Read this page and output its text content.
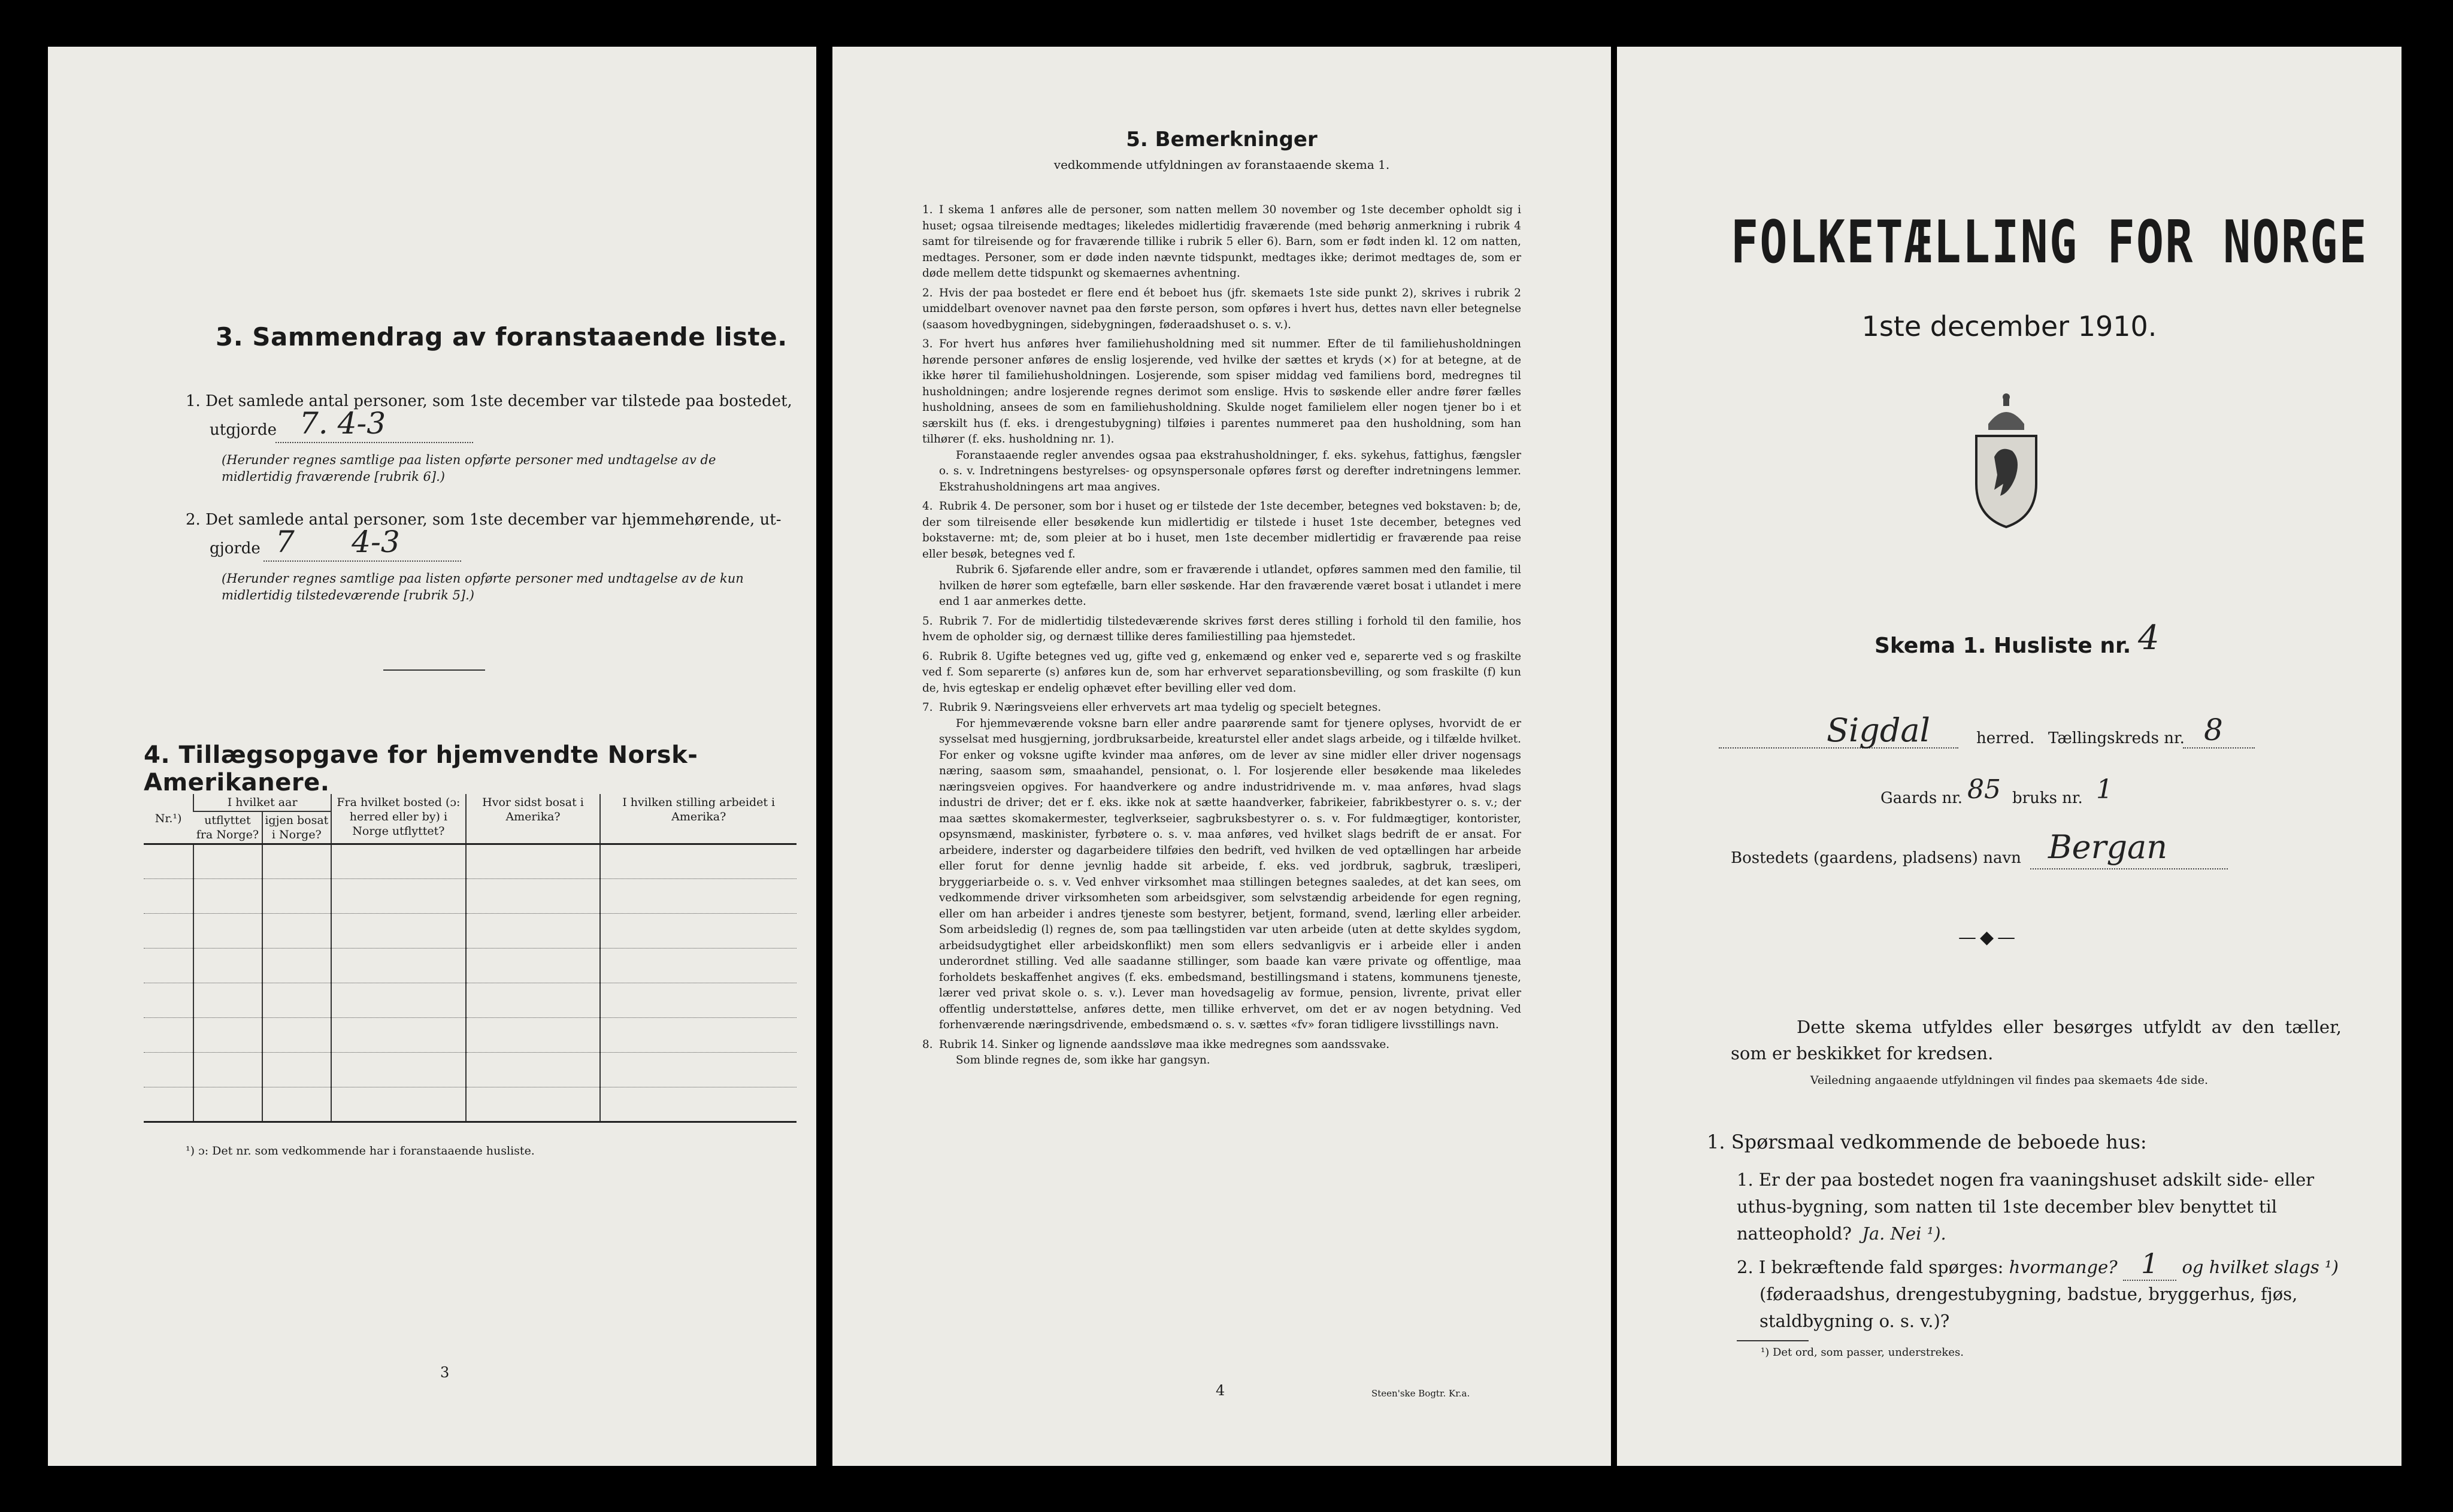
3. Sammendrag av foranstaaende liste.
1. Det samlede antal personer, som 1ste december var tilstede paa bostedet,
utgjorde 7. 4-3
(Herunder regnes samtlige paa listen opførte personer med undtagelse av de midlertidig fraværende [rubrik 6].)
2. Det samlede antal personer, som 1ste december var hjemmehørende, ut-
gjorde 7      4-3
(Herunder regnes samtlige paa listen opførte personer med undtagelse av de kun midlertidig tilstedeværende [rubrik 5].)
4. Tillægsopgave for hjemvendte Norsk-Amerikanere.
Nr.¹)	I hvilket aar		Fra hvilket bosted (ɔ: herred eller by) i Norge utflyttet?	Hvor sidst bosat i Amerika?	I hvilken stilling arbeidet i Amerika?
	utflyttet fra Norge?	igjen bosat i Norge?			

¹) ɔ: Det nr. som vedkommende har i foranstaaende husliste.
3
5. Bemerkninger
vedkommende utfyldningen av foranstaaende skema 1.

1. I skema 1 anføres alle de personer, som natten mellem 30 november og 1ste december opholdt sig i huset; ogsaa tilreisende medtages; likeledes midlertidig fraværende (med behørig anmerkning i rubrik 4 samt for tilreisende og for fraværende tillike i rubrik 5 eller 6). Barn, som er født inden kl. 12 om natten, medtages. Personer, som er døde inden nævnte tidspunkt, medtages ikke; derimot medtages de, som er døde mellem dette tidspunkt og skemaernes avhentning.

2. Hvis der paa bostedet er flere end ét beboet hus (jfr. skemaets 1ste side punkt 2), skrives i rubrik 2 umiddelbart ovenover navnet paa den første person, som opføres i hvert hus, dettes navn eller betegnelse (saasom hovedbygningen, sidebygningen, føderaadshuset o. s. v.).

3. For hvert hus anføres hver familiehusholdning med sit nummer. Efter de til familiehusholdningen hørende personer anføres de enslig losjerende, ved hvilke der sættes et kryds (×) for at betegne, at de ikke hører til familiehusholdningen. Losjerende, som spiser middag ved familiens bord, medregnes til husholdningen; andre losjerende regnes derimot som enslige. Hvis to søskende eller andre fører fælles husholdning, ansees de som en familiehusholdning. Skulde noget familielem eller nogen tjener bo i et særskilt hus (f. eks. i drengestubygning) tilføies i parentes nummeret paa den husholdning, som han tilhører (f. eks. husholdning nr. 1).

Foranstaaende regler anvendes ogsaa paa ekstrahusholdninger, f. eks. sykehus, fattighus, fængsler o. s. v. Indretningens bestyrelses- og opsynspersonale opføres først og derefter indretningens lemmer. Ekstrahusholdningens art maa angives.

4. Rubrik 4. De personer, som bor i huset og er tilstede der 1ste december, betegnes ved bokstaven: b; de, der som tilreisende eller besøkende kun midlertidig er tilstede i huset 1ste december, betegnes ved bokstaverne: mt; de, som pleier at bo i huset, men 1ste december midlertidig er fraværende paa reise eller besøk, betegnes ved f.

Rubrik 6. Sjøfarende eller andre, som er fraværende i utlandet, opføres sammen med den familie, til hvilken de hører som egtefælle, barn eller søskende. Har den fraværende været bosat i utlandet i mere end 1 aar anmerkes dette.

5. Rubrik 7. For de midlertidig tilstedeværende skrives først deres stilling i forhold til den familie, hos hvem de opholder sig, og dernæst tillike deres familiestilling paa hjemstedet.

6. Rubrik 8. Ugifte betegnes ved ug, gifte ved g, enkemænd og enker ved e, separerte ved s og fraskilte ved f. Som separerte (s) anføres kun de, som har erhvervet separationsbevilling, og som fraskilte (f) kun de, hvis egteskap er endelig ophævet efter bevilling eller ved dom.

7. Rubrik 9. Næringsveiens eller erhvervets art maa tydelig og specielt betegnes.

For hjemmeværende voksne barn eller andre paarørende samt for tjenere oplyses, hvorvidt de er sysselsat med husgjerning, jordbruksarbeide, kreaturstel eller andet slags arbeide, og i tilfælde hvilket. For enker og voksne ugifte kvinder maa anføres, om de lever av sine midler eller driver nogensags næring, saasom søm, smaahandel, pensionat, o. l. For losjerende eller besøkende maa likeledes næringsveien opgives. For haandverkere og andre industridrivende m. v. maa anføres, hvad slags industri de driver; det er f. eks. ikke nok at sætte haandverker, fabrikeier, fabrikbestyrer o. s. v.; der maa sættes skomakermester, teglverkseier, sagbruksbestyrer o. s. v. For fuldmægtiger, kontorister, opsynsmænd, maskinister, fyrbøtere o. s. v. maa anføres, ved hvilket slags bedrift de er ansat. For arbeidere, inderster og dagarbeidere tilføies den bedrift, ved hvilken de ved optællingen har arbeide eller forut for denne jevnlig hadde sit arbeide, f. eks. ved jordbruk, sagbruk, træsliperi, bryggeriarbeide o. s. v. Ved enhver virksomhet maa stillingen betegnes saaledes, at det kan sees, om vedkommende driver virksomheten som arbeidsgiver, som selvstændig arbeidende for egen regning, eller om han arbeider i andres tjeneste som bestyrer, betjent, formand, svend, lærling eller arbeider. Som arbeidsledig (l) regnes de, som paa tællingstiden var uten arbeide (uten at dette skyldes sygdom, arbeidsudygtighet eller arbeidskonflikt) men som ellers sedvanligvis er i arbeide eller i anden underordnet stilling. Ved alle saadanne stillinger, som baade kan være private og offentlige, maa forholdets beskaffenhet angives (f. eks. embedsmand, bestillingsmand i statens, kommunens tjeneste, lærer ved privat skole o. s. v.). Lever man hovedsagelig av formue, pension, livrente, privat eller offentlig understøttelse, anføres dette, men tillike erhvervet, om det er av nogen betydning. Ved forhenværende næringsdrivende, embedsmænd o. s. v. sættes «fv» foran tidligere livsstillings navn.

8. Rubrik 14. Sinker og lignende aandssløve maa ikke medregnes som aandssvake.

Som blinde regnes de, som ikke har gangsyn.

4	Steen'ske Bogtr. Kr.a.
FOLKETÆLLING FOR NORGE
1ste december 1910.
Skema 1. Husliste nr. 4
Sigdal	herred. Tællingskreds nr. 8
Gaards nr. 85 bruks nr. 1
Bostedets (gaardens, pladsens) navn Bergan
—◆—
Dette skema utfyldes eller besørges utfyldt av den tæller, som er beskikket for kredsen.
Veiledning angaaende utfyldningen vil findes paa skemaets 4de side.
1. Spørsmaal vedkommende de beboede hus:
1. Er der paa bostedet nogen fra vaaningshuset adskilt side- eller uthus-bygning, som natten til 1ste december blev benyttet til natteophold? Ja. Nei ¹).
2. I bekræftende fald spørges: hvormange? 1 og hvilket slags ¹)
(føderaadshus, drengestubygning, badstue, bryggerhus, fjøs, staldbygning o. s. v.)?
¹) Det ord, som passer, understrekes.
